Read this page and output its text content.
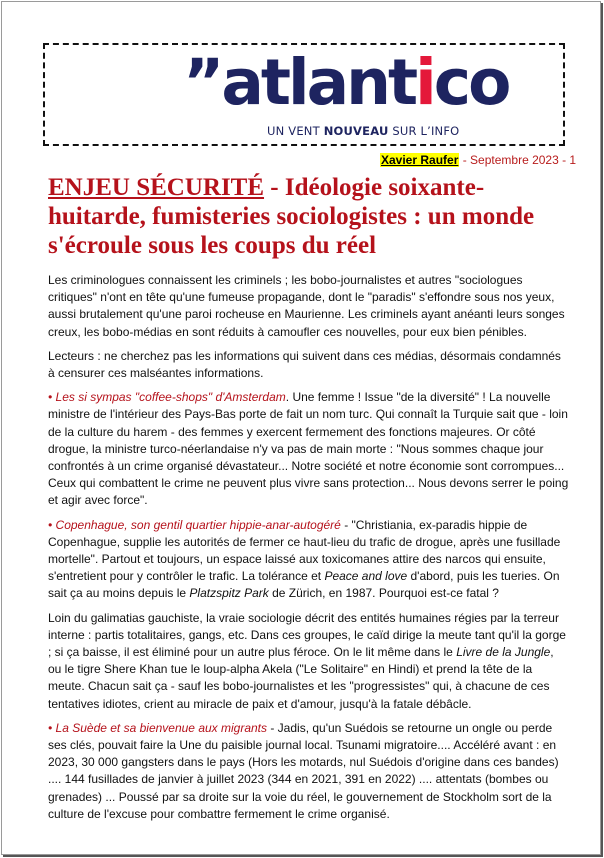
”atlantico
UN VENT NOUVEAU SUR L’INFO
Xavier Raufer - Septembre 2023 - 1
ENJEU SÉCURITÉ - Idéologie soixante-huitarde, fumisteries sociologistes : un monde s'écroule sous les coups du réel

Les criminologues connaissent les criminels ; les bobo-journalistes et autres "sociologues critiques" n'ont en tête qu'une fumeuse propagande, dont le "paradis" s'effondre sous nos yeux, aussi brutalement qu'une paroi rocheuse en Maurienne. Les criminels ayant anéanti leurs songes creux, les bobo-médias en sont réduits à camoufler ces nouvelles, pour eux bien pénibles.

Lecteurs : ne cherchez pas les informations qui suivent dans ces médias, désormais condamnés à censurer ces malséantes informations.

• Les si sympas "coffee-shops" d'Amsterdam. Une femme ! Issue "de la diversité" ! La nouvelle ministre de l'intérieur des Pays-Bas porte de fait un nom turc. Qui connaît la Turquie sait que - loin de la culture du harem - des femmes y exercent fermement des fonctions majeures. Or côté drogue, la ministre turco-néerlandaise n'y va pas de main morte : "Nous sommes chaque jour confrontés à un crime organisé dévastateur... Notre société et notre économie sont corrompues... Ceux qui combattent le crime ne peuvent plus vivre sans protection... Nous devons serrer le poing et agir avec force".

• Copenhague, son gentil quartier hippie-anar-autogéré - "Christiania, ex-paradis hippie de Copenhague, supplie les autorités de fermer ce haut-lieu du trafic de drogue, après une fusillade mortelle". Partout et toujours, un espace laissé aux toxicomanes attire des narcos qui ensuite, s'entretient pour y contrôler le trafic. La tolérance et Peace and love d'abord, puis les tueries. On sait ça au moins depuis le Platzspitz Park de Zürich, en 1987. Pourquoi est-ce fatal ?

Loin du galimatias gauchiste, la vraie sociologie décrit des entités humaines régies par la terreur interne : partis totalitaires, gangs, etc. Dans ces groupes, le caïd dirige la meute tant qu'il la gorge ; si ça baisse, il est éliminé pour un autre plus féroce. On le lit même dans le Livre de la Jungle, ou le tigre Shere Khan tue le loup-alpha Akela ("Le Solitaire" en Hindi) et prend la tête de la meute. Chacun sait ça - sauf les bobo-journalistes et les "progressistes" qui, à chacune de ces tentatives idiotes, crient au miracle de paix et d'amour, jusqu'à la fatale débâcle.

• La Suède et sa bienvenue aux migrants - Jadis, qu'un Suédois se retourne un ongle ou perde ses clés, pouvait faire la Une du paisible journal local. Tsunami migratoire.... Accéléré avant : en 2023, 30 000 gangsters dans le pays (Hors les motards, nul Suédois d'origine dans ces bandes) .... 144 fusillades de janvier à juillet 2023 (344 en 2021, 391 en 2022) .... attentats (bombes ou grenades) ... Poussé par sa droite sur la voie du réel, le gouvernement de Stockholm sort de la culture de l'excuse pour combattre fermement le crime organisé.
